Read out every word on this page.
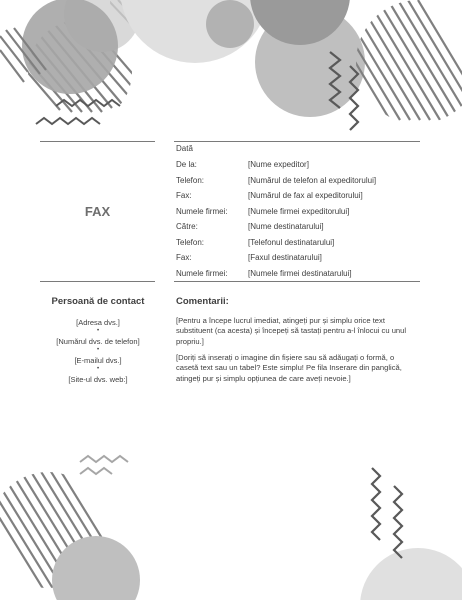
FAX
Dată
De la:	[Nume expeditor]
Telefon:	[Numărul de telefon al expeditorului]
Fax:	[Numărul de fax al expeditorului]
Numele firmei:	[Numele firmei expeditorului]
Către:	[Nume destinatarului]
Telefon:	[Telefonul destinatarului]
Fax:	[Faxul destinatarului]
Numele firmei:	[Numele firmei destinatarului]
Persoană de contact
[Adresa dvs.]
•
[Numărul dvs. de telefon]
•
[E-mailul dvs.]
•
[Site-ul dvs. web:]
Comentarii:
[Pentru a începe lucrul imediat, atingeți pur și simplu orice text substituent (ca acesta) și începeți să tastați pentru a-l înlocui cu unul propriu.]
[Doriți să inserați o imagine din fișiere sau să adăugați o formă, o casetă text sau un tabel? Este simplu! Pe fila Inserare din panglică, atingeți pur și simplu opțiunea de care aveți nevoie.]
